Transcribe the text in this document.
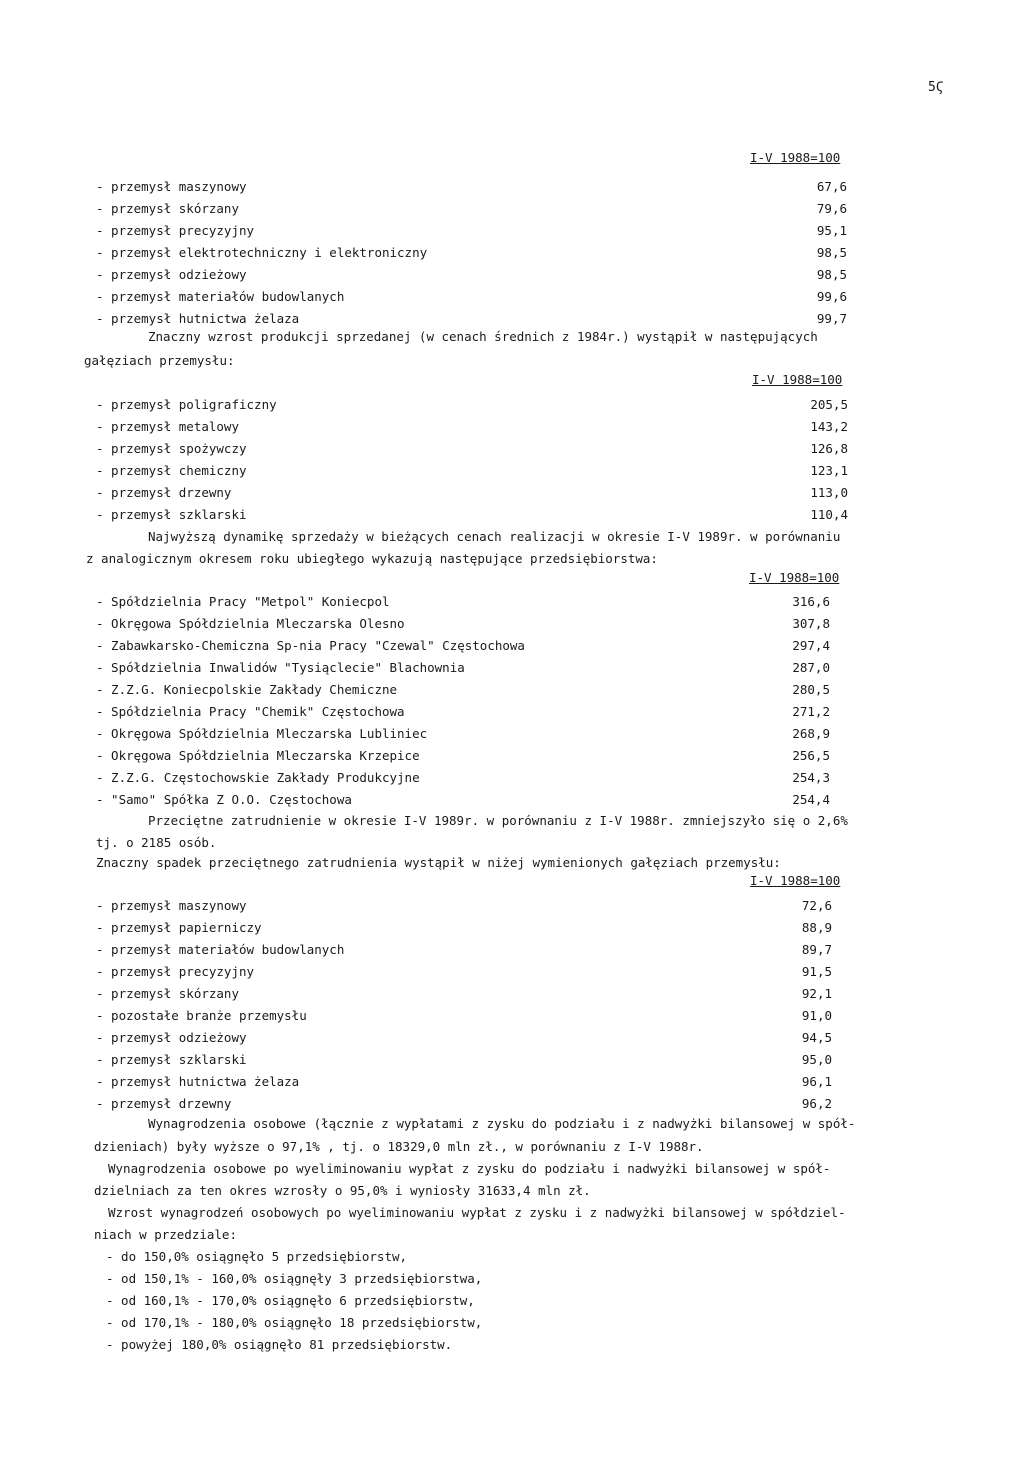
5Ϛ
I-V 1988=100
- przemysł maszynowy	67,6
- przemysł skórzany	79,6
- przemysł precyzyjny	95,1
- przemysł elektrotechniczny i elektroniczny	98,5
- przemysł odzieżowy	98,5
- przemysł materiałów budowlanych	99,6
- przemysł hutnictwa żelaza	99,7
Znaczny wzrost produkcji sprzedanej (w cenach średnich z 1984r.) wystąpił w następujących
gałęziach przemysłu:
I-V 1988=100
- przemysł poligraficzny	205,5
- przemysł metalowy	143,2
- przemysł spożywczy	126,8
- przemysł chemiczny	123,1
- przemysł drzewny	113,0
- przemysł szklarski	110,4
Najwyższą dynamikę sprzedaży w bieżących cenach realizacji w okresie I-V 1989r. w porównaniu
z analogicznym okresem roku ubiegłego wykazują następujące przedsiębiorstwa:
I-V 1988=100
- Spółdzielnia Pracy "Metpol" Koniecpol	316,6
- Okręgowa Spółdzielnia Mleczarska Olesno	307,8
- Zabawkarsko-Chemiczna Sp-nia Pracy "Czewal" Częstochowa	297,4
- Spółdzielnia Inwalidów "Tysiąclecie" Blachownia	287,0
- Z.Z.G. Koniecpolskie Zakłady Chemiczne	280,5
- Spółdzielnia Pracy "Chemik" Częstochowa	271,2
- Okręgowa Spółdzielnia Mleczarska Lubliniec	268,9
- Okręgowa Spółdzielnia Mleczarska Krzepice	256,5
- Z.Z.G. Częstochowskie Zakłady Produkcyjne	254,3
- "Samo" Spółka Z O.O. Częstochowa	254,4
Przeciętne zatrudnienie w okresie I-V 1989r. w porównaniu z I-V 1988r. zmniejszyło się o 2,6%
tj. o 2185 osób.
Znaczny spadek przeciętnego zatrudnienia wystąpił w niżej wymienionych gałęziach przemysłu:
I-V 1988=100
- przemysł maszynowy	72,6
- przemysł papierniczy	88,9
- przemysł materiałów budowlanych	89,7
- przemysł precyzyjny	91,5
- przemysł skórzany	92,1
- pozostałe branże przemysłu	91,0
- przemysł odzieżowy	94,5
- przemysł szklarski	95,0
- przemysł hutnictwa żelaza	96,1
- przemysł drzewny	96,2
Wynagrodzenia osobowe (łącznie z wypłatami z zysku do podziału i z nadwyżki bilansowej w spół-
dzieniach) były wyższe o 97,1% , tj. o 18329,0 mln zł., w porównaniu z I-V 1988r.
Wynagrodzenia osobowe po wyeliminowaniu wypłat z zysku do podziału i nadwyżki bilansowej w spół-
dzielniach za ten okres wzrosły o 95,0% i wyniosły 31633,4 mln zł.
Wzrost wynagrodzeń osobowych po wyeliminowaniu wypłat z zysku i z nadwyżki bilansowej w spółdziel-
niach w przedziale:
- do 150,0% osiągnęło 5 przedsiębiorstw,
- od 150,1% - 160,0% osiągnęły 3 przedsiębiorstwa,
- od 160,1% - 170,0% osiągnęło 6 przedsiębiorstw,
- od 170,1% - 180,0% osiągnęło 18 przedsiębiorstw,
- powyżej 180,0% osiągnęło 81 przedsiębiorstw.
